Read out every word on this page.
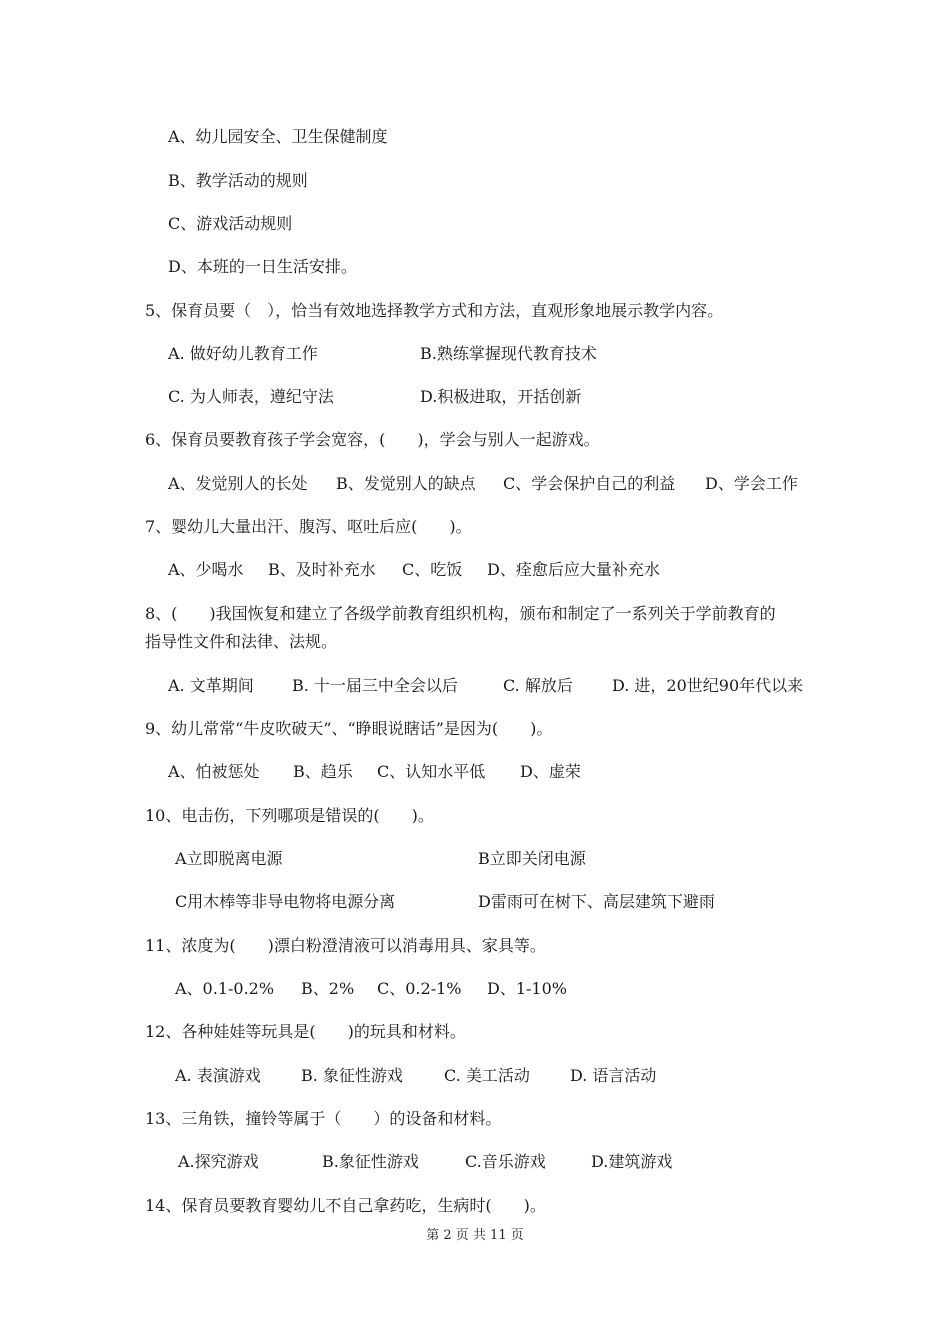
A、幼儿园安全、卫生保健制度
B、教学活动的规则
C、游戏活动规则
D、本班的一日生活安排。
5、保育员要（　），恰当有效地选择教学方式和方法，直观形象地展示教学内容。
A. 做好幼儿教育工作	B.熟练掌握现代教育技术
C. 为人师表，遵纪守法	D.积极进取，开括创新
6、保育员要教育孩子学会宽容，(　　)，学会与别人一起游戏。
A、发觉别人的长处 B、发觉别人的缺点 C、学会保护自己的利益 D、学会工作
7、婴幼儿大量出汗、腹泻、呕吐后应(　　)。
A、少喝水 B、及时补充水 C、吃饭 D、痊愈后应大量补充水
8、(　　)我国恢复和建立了各级学前教育组织机构，颁布和制定了一系列关于学前教育的
指导性文件和法律、法规。
A. 文革期间 B. 十一届三中全会以后	C. 解放后 D. 进，20世纪90年代以来
9、幼儿常常“牛皮吹破天”、“睁眼说瞎话”是因为(　　)。
A、怕被惩处 B、趋乐 C、认知水平低 D、虚荣
10、电击伤，下列哪项是错误的(　　)。
A立即脱离电源	B立即关闭电源
C用木棒等非导电物将电源分离	D雷雨可在树下、高层建筑下避雨
11、浓度为(　　)漂白粉澄清液可以消毒用具、家具等。
A、0.1-0.2% B、2% C、0.2-1% D、1-10%
12、各种娃娃等玩具是(　　)的玩具和材料。
A. 表演游戏	B. 象征性游戏	C. 美工活动	D. 语言活动
13、三角铁，撞铃等属于（　　）的设备和材料。
A.探究游戏	B.象征性游戏	C.音乐游戏	D.建筑游戏
14、保育员要教育婴幼儿不自己拿药吃，生病时(　　)。
第 2 页 共 11 页
